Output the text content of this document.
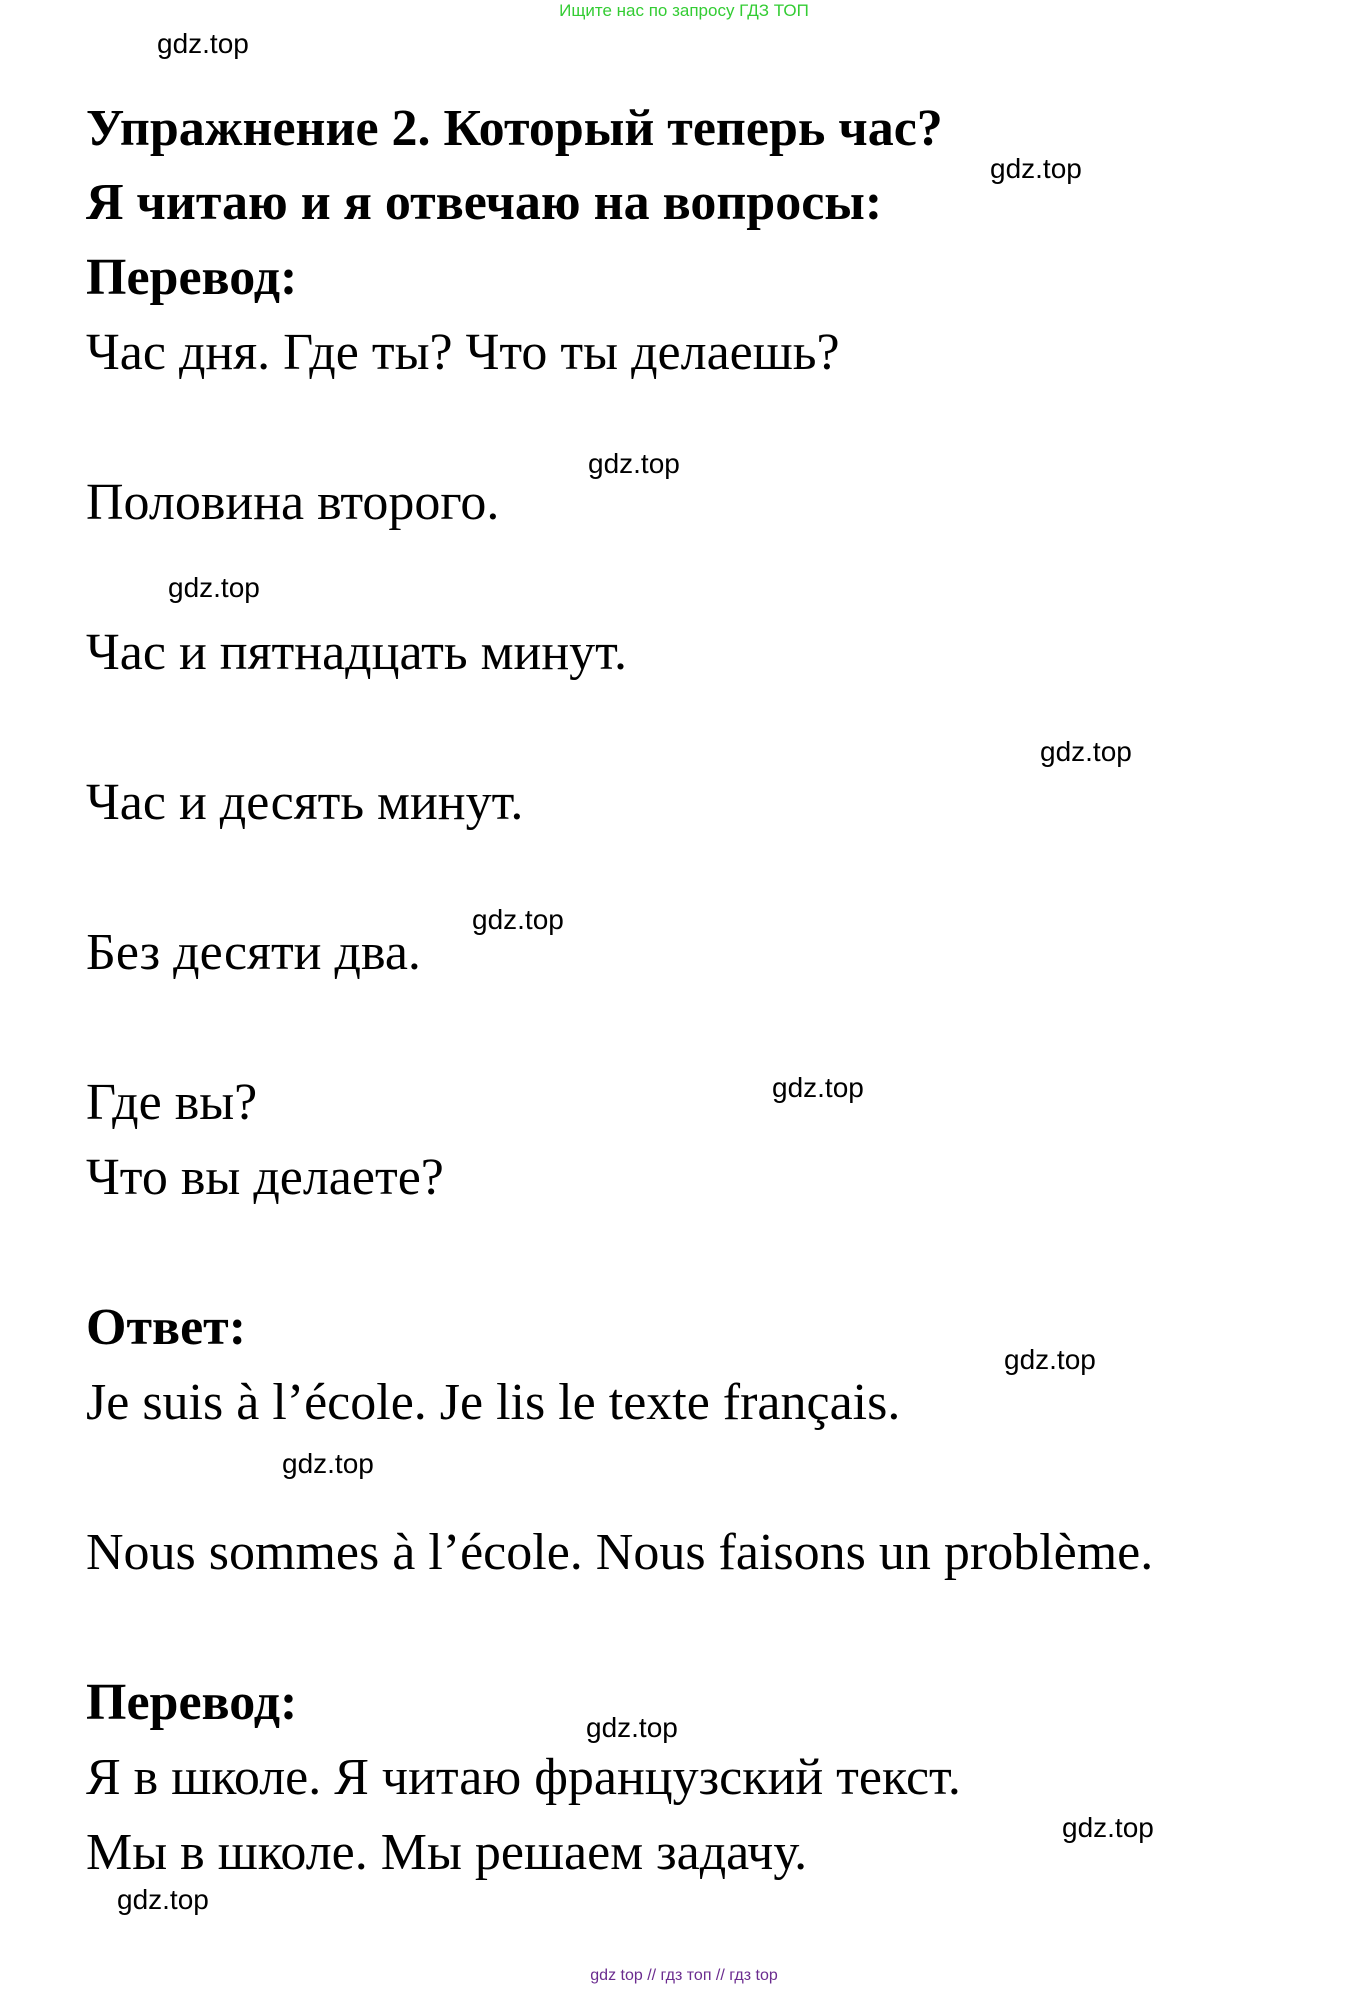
Ищите нас по запросу ГДЗ ТОП
gdz.top
Упражнение 2. Который теперь час?
gdz.top
Я читаю и я отвечаю на вопросы:
Перевод:
Час дня. Где ты? Что ты делаешь?
gdz.top
Половина второго.
gdz.top
Час и пятнадцать минут.
gdz.top
Час и десять минут.
gdz.top
Без десяти два.
gdz.top
Где вы?
Что вы делаете?
Ответ:
gdz.top
Je suis à l’école. Je lis le texte français.
gdz.top
Nous sommes à l’école. Nous faisons un problème.
Перевод:	gdz.top
Я в школе. Я читаю французский текст.
gdz.top
Мы в школе. Мы решаем задачу.
gdz.top
gdz top // гдз топ // гдз top
